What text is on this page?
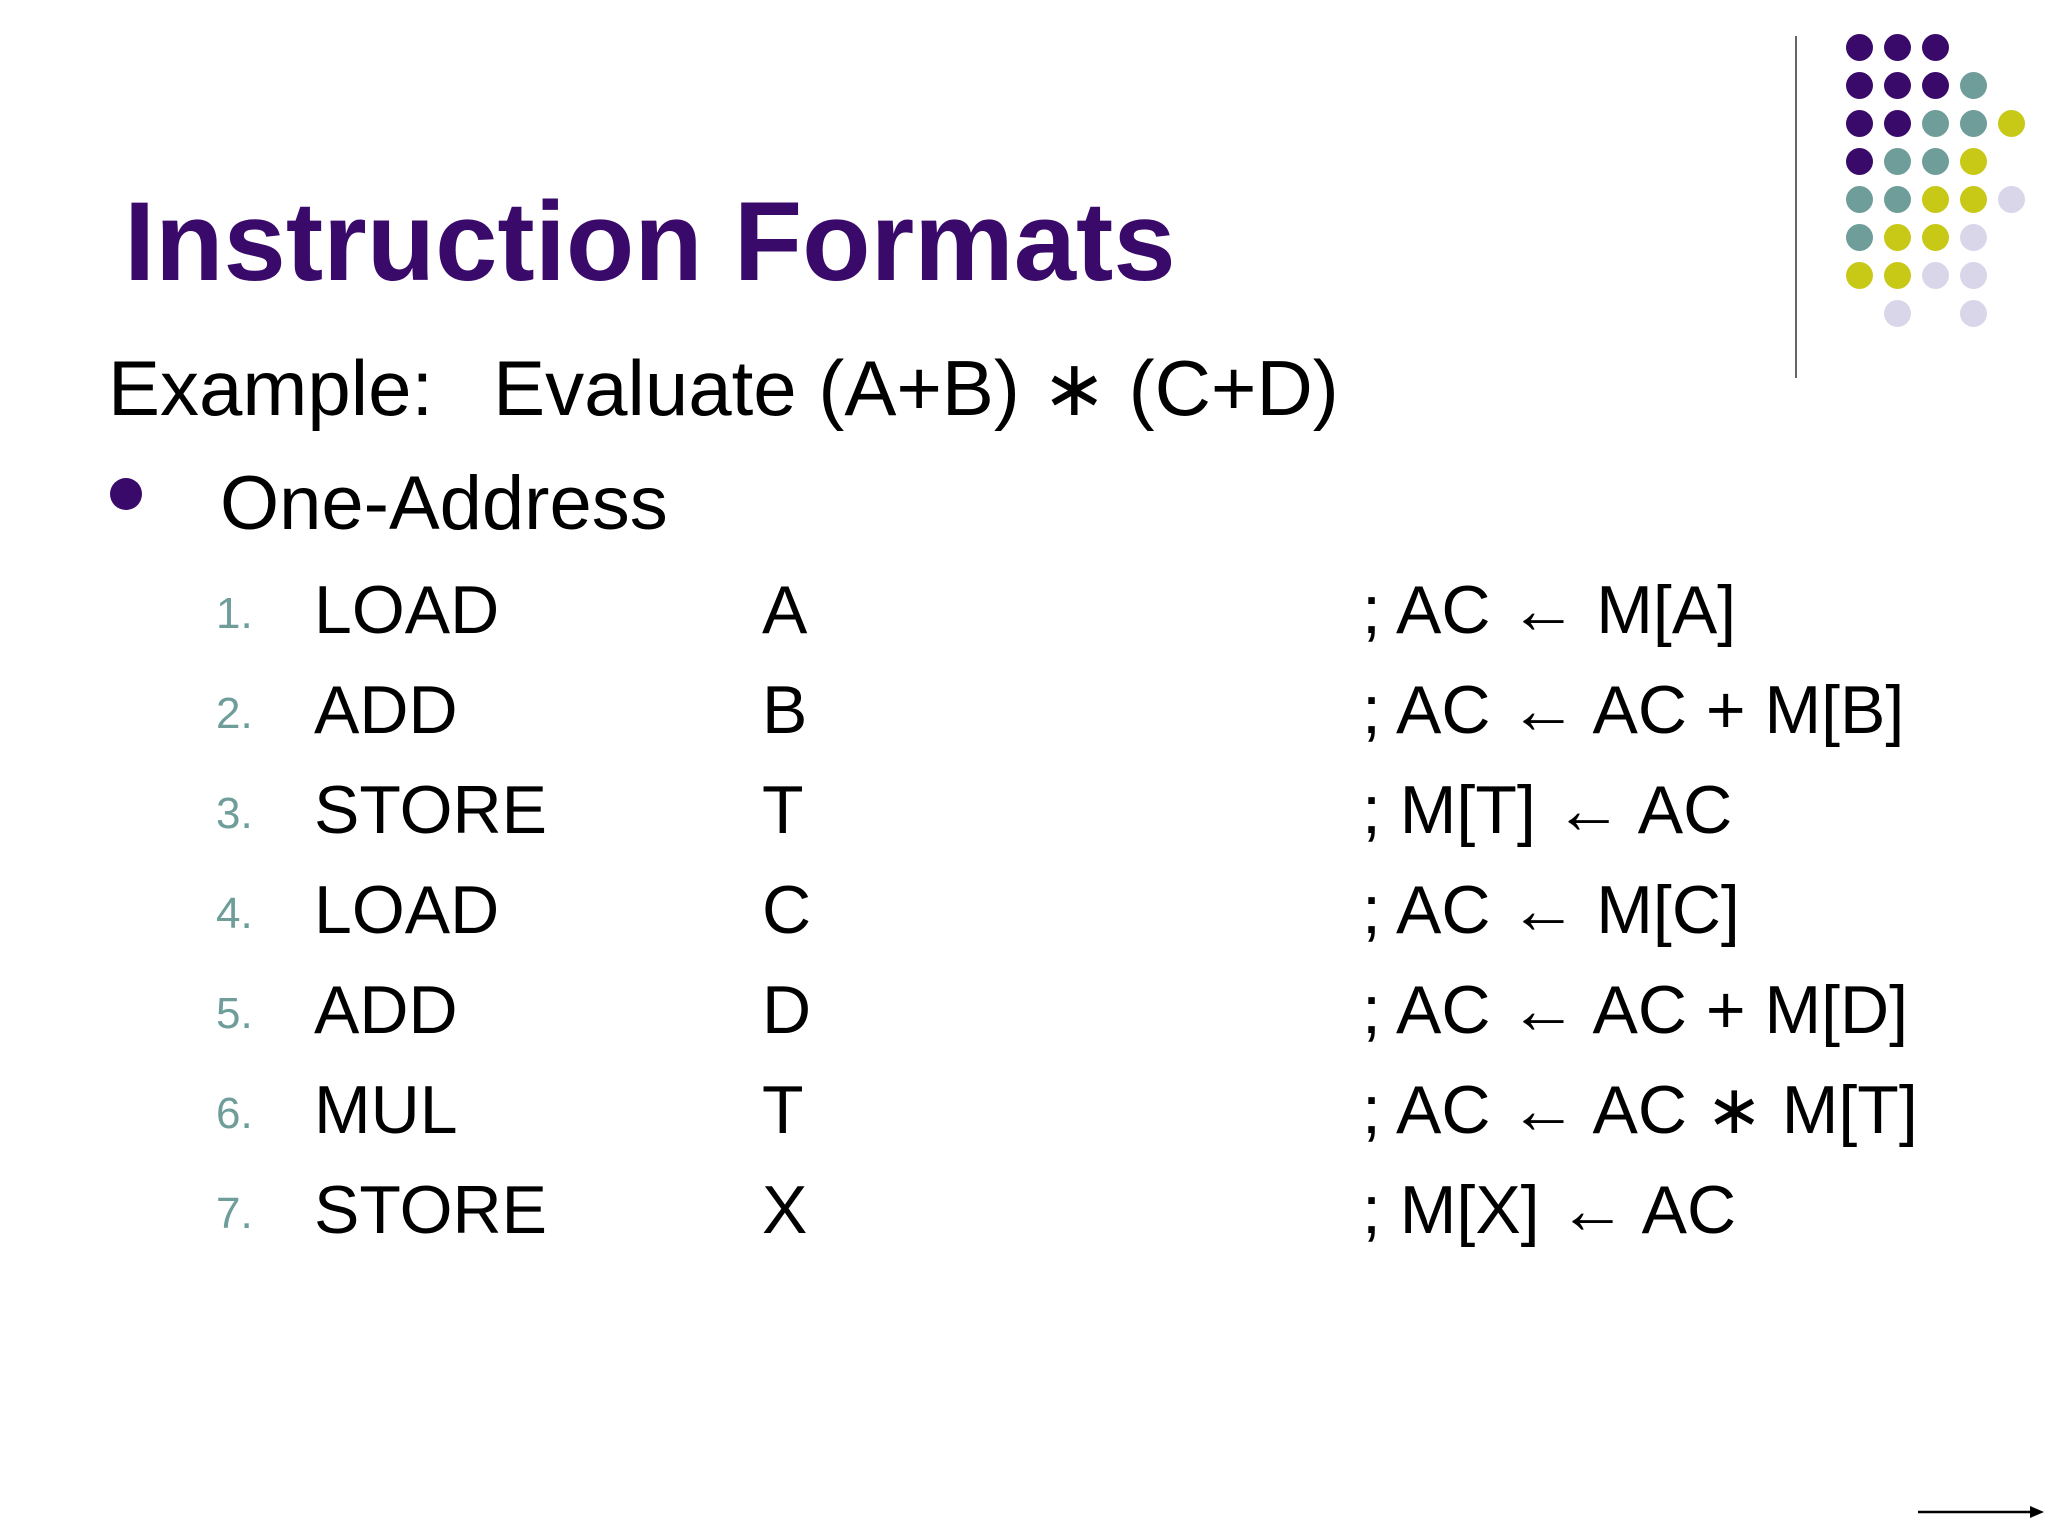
Instruction Formats
Example: Evaluate (A+B) ∗ (C+D)
One-Address
1. LOAD	A	; AC ← M[A]
2. ADD	B	; AC ← AC + M[B]
3. STORE	T	; M[T] ← AC
4. LOAD	C	; AC ← M[C]
5. ADD	D	; AC ← AC + M[D]
6. MUL	T	; AC ← AC ∗ M[T]
7. STORE	X	; M[X] ← AC
